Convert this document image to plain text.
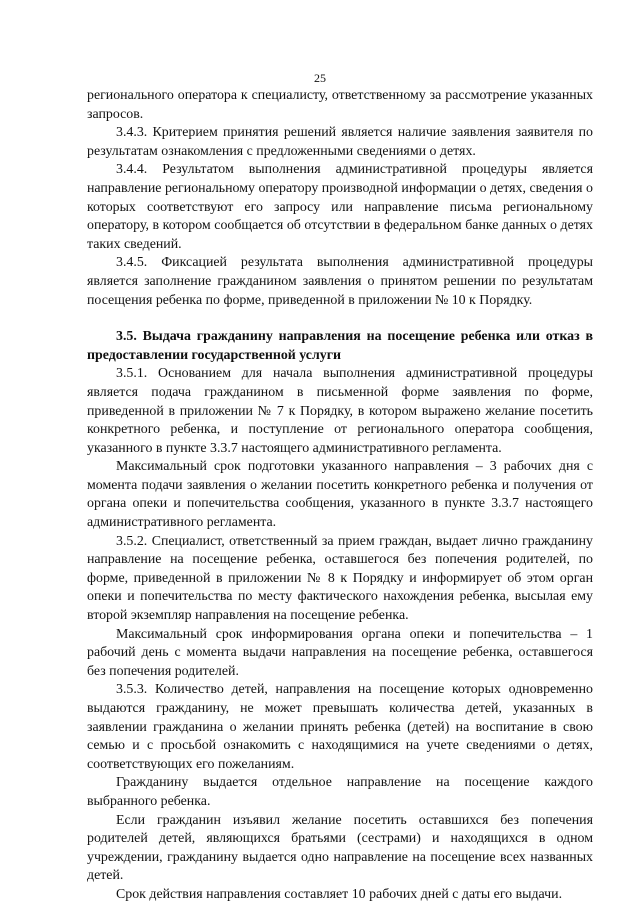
25

регионального оператора к специалисту, ответственному за рассмотрение указанных запросов.

3.4.3. Критерием принятия решений является наличие заявления заявителя по результатам ознакомления с предложенными сведениями о детях.

3.4.4. Результатом выполнения административной процедуры является направление региональному оператору производной информации о детях, сведения о которых соответствуют его запросу или направление письма региональному оператору, в котором сообщается об отсутствии в федеральном банке данных о детях таких сведений.

3.4.5. Фиксацией результата выполнения административной процедуры является заполнение гражданином заявления о принятом решении по результатам посещения ребенка по форме, приведенной в приложении № 10 к Порядку.

3.5. Выдача гражданину направления на посещение ребенка или отказ в предоставлении государственной услуги

3.5.1. Основанием для начала выполнения административной процедуры является подача гражданином в письменной форме заявления по форме, приведенной в приложении № 7 к Порядку, в котором выражено желание посетить конкретного ребенка, и поступление от регионального оператора сообщения, указанного в пункте 3.3.7 настоящего административного регламента.

Максимальный срок подготовки указанного направления – 3 рабочих дня с момента подачи заявления о желании посетить конкретного ребенка и получения от органа опеки и попечительства сообщения, указанного в пункте 3.3.7 настоящего административного регламента.

3.5.2. Специалист, ответственный за прием граждан, выдает лично гражданину направление на посещение ребенка, оставшегося без попечения родителей, по форме, приведенной в приложении № 8 к Порядку и информирует об этом орган опеки и попечительства по месту фактического нахождения ребенка, высылая ему второй экземпляр направления на посещение ребенка.

Максимальный срок информирования органа опеки и попечительства – 1 рабочий день с момента выдачи направления на посещение ребенка, оставшегося без попечения родителей.

3.5.3. Количество детей, направления на посещение которых одновременно выдаются гражданину, не может превышать количества детей, указанных в заявлении гражданина о желании принять ребенка (детей) на воспитание в свою семью и с просьбой ознакомить с находящимися на учете сведениями о детях, соответствующих его пожеланиям.

Гражданину выдается отдельное направление на посещение каждого выбранного ребенка.

Если гражданин изъявил желание посетить оставшихся без попечения родителей детей, являющихся братьями (сестрами) и находящихся в одном учреждении, гражданину выдается одно направление на посещение всех названных детей.

Срок действия направления составляет 10 рабочих дней с даты его выдачи.
